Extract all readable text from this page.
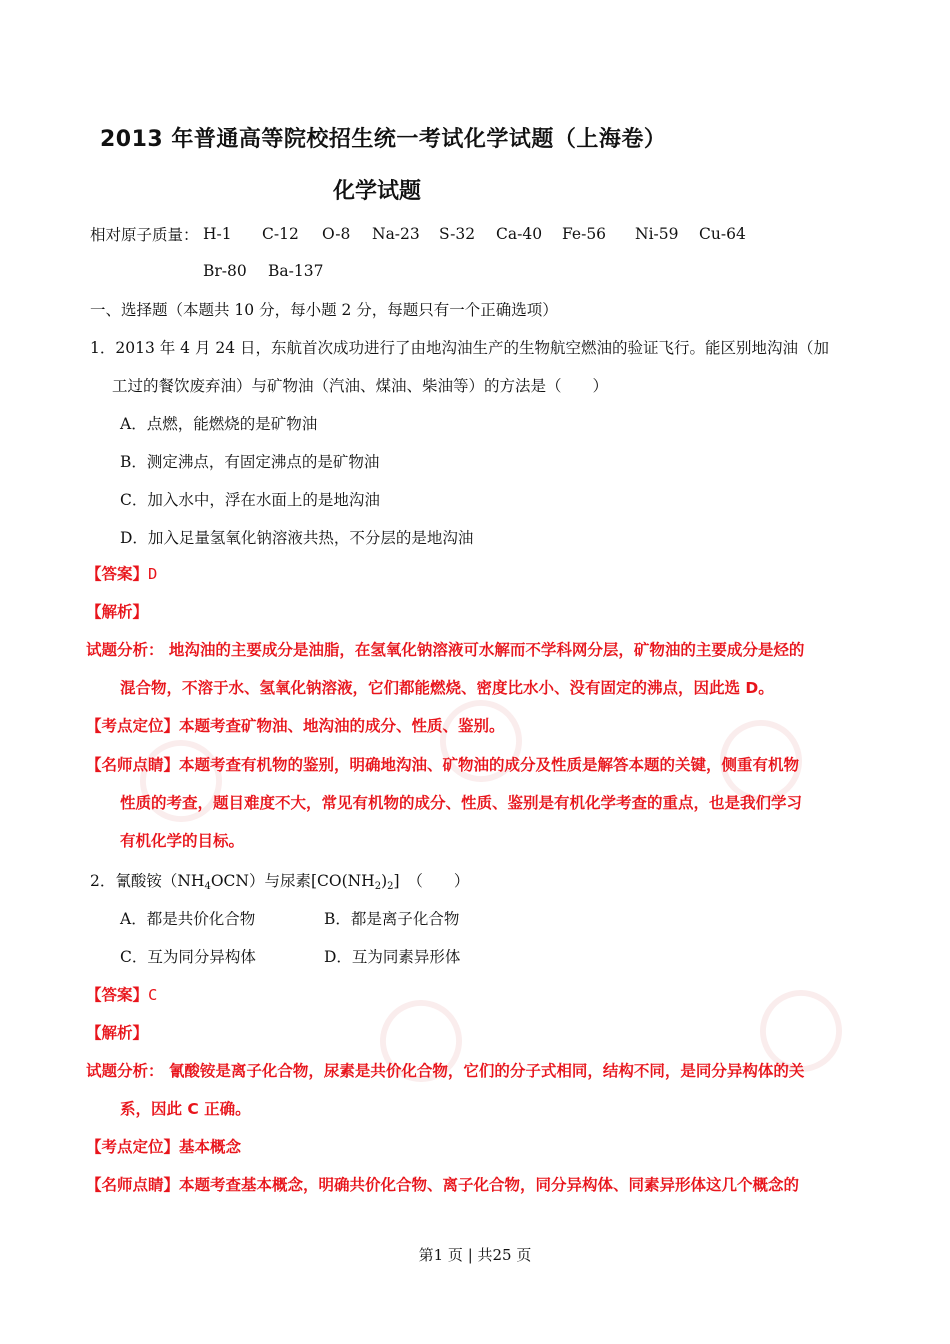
2013 年普通高等院校招生统一考试化学试题（上海卷）
化学试题
相对原子质量： H-1 C-12 O-8 Na-23 S-32 Ca-40 Fe-56 Ni-59 Cu-64
Br-80 Ba-137
一、选择题（本题共 10 分，每小题 2 分，每题只有一个正确选项）
1．2013 年 4 月 24 日，东航首次成功进行了由地沟油生产的生物航空燃油的验证飞行。能区别地沟油（加
工过的餐饮废弃油）与矿物油（汽油、煤油、柴油等）的方法是（　　）
A．点燃，能燃烧的是矿物油
B．测定沸点，有固定沸点的是矿物油
C．加入水中，浮在水面上的是地沟油
D．加入足量氢氧化钠溶液共热，不分层的是地沟油
【答案】D
【解析】
试题分析： 地沟油的主要成分是油脂，在氢氧化钠溶液可水解而不学科网分层，矿物油的主要成分是烃的
混合物，不溶于水、氢氧化钠溶液，它们都能燃烧、密度比水小、没有固定的沸点，因此选 D。
【考点定位】本题考查矿物油、地沟油的成分、性质、鉴别。
【名师点睛】本题考查有机物的鉴别，明确地沟油、矿物油的成分及性质是解答本题的关键，侧重有机物
性质的考查，题目难度不大，常见有机物的成分、性质、鉴别是有机化学考查的重点，也是我们学习
有机化学的目标。
2．氰酸铵$(NH_4OCN)$与尿素$[CO(NH_2)_2]$　（　　）
A．都是共价化合物	B．都是离子化合物
C．互为同分异构体	D．互为同素异形体
【答案】C
【解析】
试题分析： 氰酸铵是离子化合物，尿素是共价化合物，它们的分子式相同，结构不同，是同分异构体的关
系，因此 C 正确。
【考点定位】基本概念
【名师点睛】本题考查基本概念，明确共价化合物、离子化合物，同分异构体、同素异形体这几个概念的
第1 页 | 共25 页
